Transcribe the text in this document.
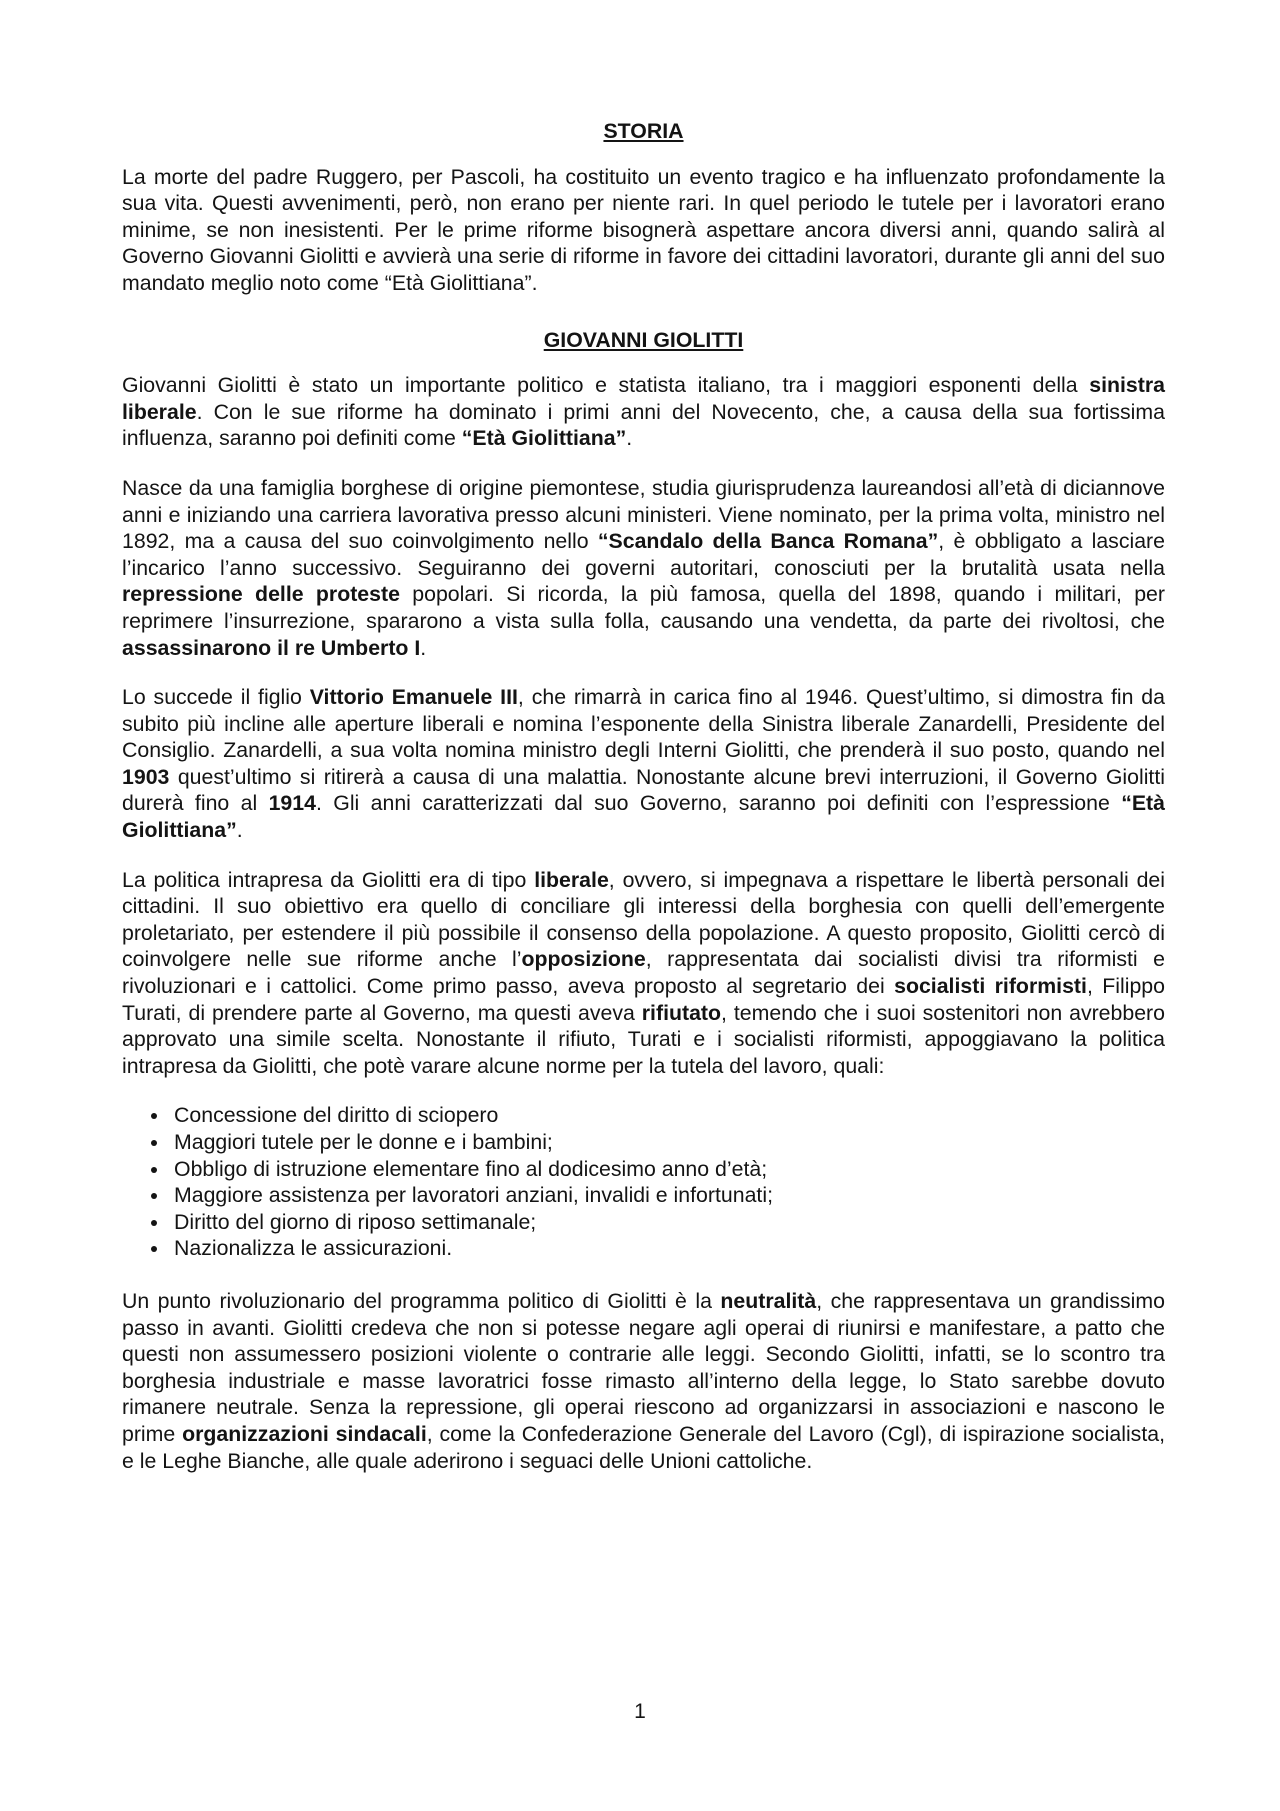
STORIA
La morte del padre Ruggero, per Pascoli, ha costituito un evento tragico e ha influenzato profondamente la sua vita. Questi avvenimenti, però, non erano per niente rari. In quel periodo le tutele per i lavoratori erano minime, se non inesistenti. Per le prime riforme bisognerà aspettare ancora diversi anni, quando salirà al Governo Giovanni Giolitti e avvierà una serie di riforme in favore dei cittadini lavoratori, durante gli anni del suo mandato meglio noto come “Età Giolittiana”.
GIOVANNI GIOLITTI
Giovanni Giolitti è stato un importante politico e statista italiano, tra i maggiori esponenti della sinistra liberale. Con le sue riforme ha dominato i primi anni del Novecento, che, a causa della sua fortissima influenza, saranno poi definiti come “Età Giolittiana”.
Nasce da una famiglia borghese di origine piemontese, studia giurisprudenza laureandosi all’età di diciannove anni e iniziando una carriera lavorativa presso alcuni ministeri. Viene nominato, per la prima volta, ministro nel 1892, ma a causa del suo coinvolgimento nello “Scandalo della Banca Romana”, è obbligato a lasciare l’incarico l’anno successivo. Seguiranno dei governi autoritari, conosciuti per la brutalità usata nella repressione delle proteste popolari. Si ricorda, la più famosa, quella del 1898, quando i militari, per reprimere l’insurrezione, spararono a vista sulla folla, causando una vendetta, da parte dei rivoltosi, che assassinarono il re Umberto I.
Lo succede il figlio Vittorio Emanuele III, che rimarrà in carica fino al 1946. Quest’ultimo, si dimostra fin da subito più incline alle aperture liberali e nomina l’esponente della Sinistra liberale Zanardelli, Presidente del Consiglio. Zanardelli, a sua volta nomina ministro degli Interni Giolitti, che prenderà il suo posto, quando nel 1903 quest’ultimo si ritirerà a causa di una malattia. Nonostante alcune brevi interruzioni, il Governo Giolitti durerà fino al 1914. Gli anni caratterizzati dal suo Governo, saranno poi definiti con l’espressione “Età Giolittiana”.
La politica intrapresa da Giolitti era di tipo liberale, ovvero, si impegnava a rispettare le libertà personali dei cittadini. Il suo obiettivo era quello di conciliare gli interessi della borghesia con quelli dell’emergente proletariato, per estendere il più possibile il consenso della popolazione. A questo proposito, Giolitti cercò di coinvolgere nelle sue riforme anche l’opposizione, rappresentata dai socialisti divisi tra riformisti e rivoluzionari e i cattolici. Come primo passo, aveva proposto al segretario dei socialisti riformisti, Filippo Turati, di prendere parte al Governo, ma questi aveva rifiutato, temendo che i suoi sostenitori non avrebbero approvato una simile scelta. Nonostante il rifiuto, Turati e i socialisti riformisti, appoggiavano la politica intrapresa da Giolitti, che potè varare alcune norme per la tutela del lavoro, quali:
Concessione del diritto di sciopero
Maggiori tutele per le donne e i bambini;
Obbligo di istruzione elementare fino al dodicesimo anno d’età;
Maggiore assistenza per lavoratori anziani, invalidi e infortunati;
Diritto del giorno di riposo settimanale;
Nazionalizza le assicurazioni.
Un punto rivoluzionario del programma politico di Giolitti è la neutralità, che rappresentava un grandissimo passo in avanti. Giolitti credeva che non si potesse negare agli operai di riunirsi e manifestare, a patto che questi non assumessero posizioni violente o contrarie alle leggi. Secondo Giolitti, infatti, se lo scontro tra borghesia industriale e masse lavoratrici fosse rimasto all’interno della legge, lo Stato sarebbe dovuto rimanere neutrale. Senza la repressione, gli operai riescono ad organizzarsi in associazioni e nascono le prime organizzazioni sindacali, come la Confederazione Generale del Lavoro (Cgl), di ispirazione socialista, e le Leghe Bianche, alle quale aderirono i seguaci delle Unioni cattoliche.
1
